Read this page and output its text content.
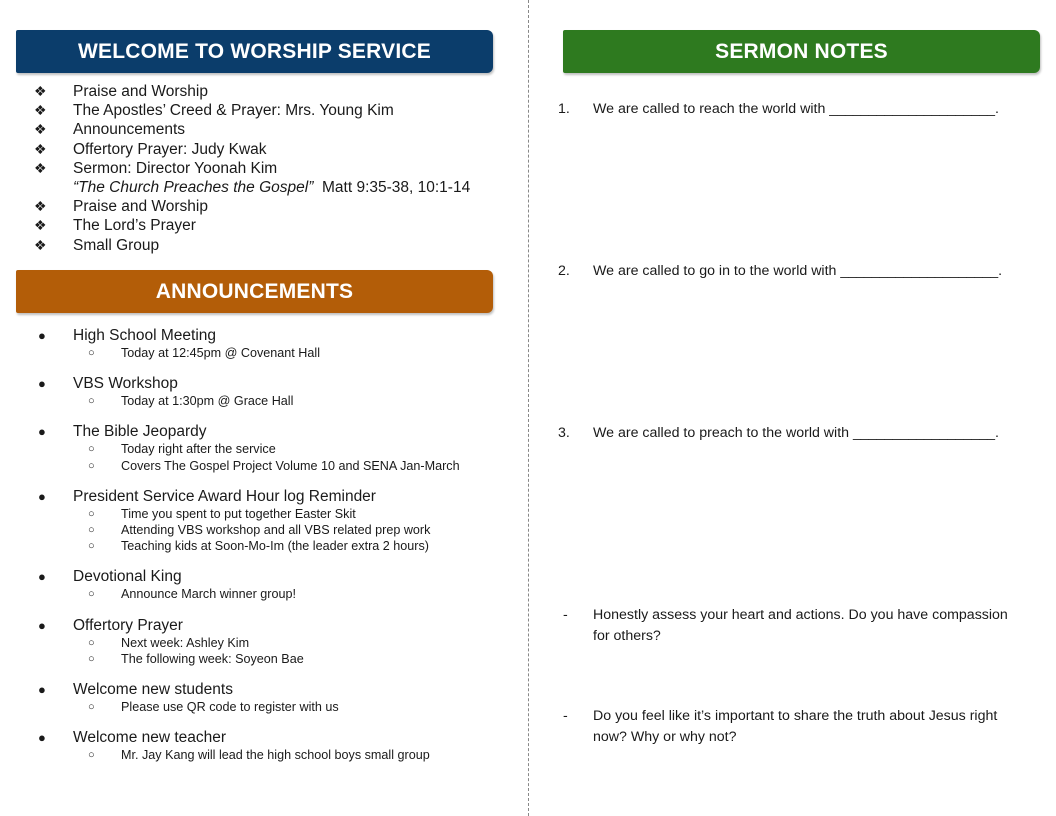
WELCOME TO WORSHIP SERVICE
❖ Praise and Worship
❖ The Apostles’ Creed & Prayer: Mrs. Young Kim
❖ Announcements
❖ Offertory Prayer: Judy Kwak
❖ Sermon: Director Yoonah Kim
“The Church Preaches the Gospel” Matt 9:35-38, 10:1-14
❖ Praise and Worship
❖ The Lord’s Prayer
❖ Small Group
ANNOUNCEMENTS
● High School Meeting
○ Today at 12:45pm @ Covenant Hall
● VBS Workshop
○ Today at 1:30pm @ Grace Hall
● The Bible Jeopardy
○ Today right after the service
○ Covers The Gospel Project Volume 10 and SENA Jan-March
● President Service Award Hour log Reminder
○ Time you spent to put together Easter Skit
○ Attending VBS workshop and all VBS related prep work
○ Teaching kids at Soon-Mo-Im (the leader extra 2 hours)
● Devotional King
○ Announce March winner group!
● Offertory Prayer
○ Next week: Ashley Kim
○ The following week: Soyeon Bae
● Welcome new students
○ Please use QR code to register with us
● Welcome new teacher
○ Mr. Jay Kang will lead the high school boys small group
SERMON NOTES
1. We are called to reach the world with _____________________.
2. We are called to go in to the world with ____________________.
3. We are called to preach to the world with __________________.
- Honestly assess your heart and actions. Do you have compassion for others?
- Do you feel like it’s important to share the truth about Jesus right now? Why or why not?
